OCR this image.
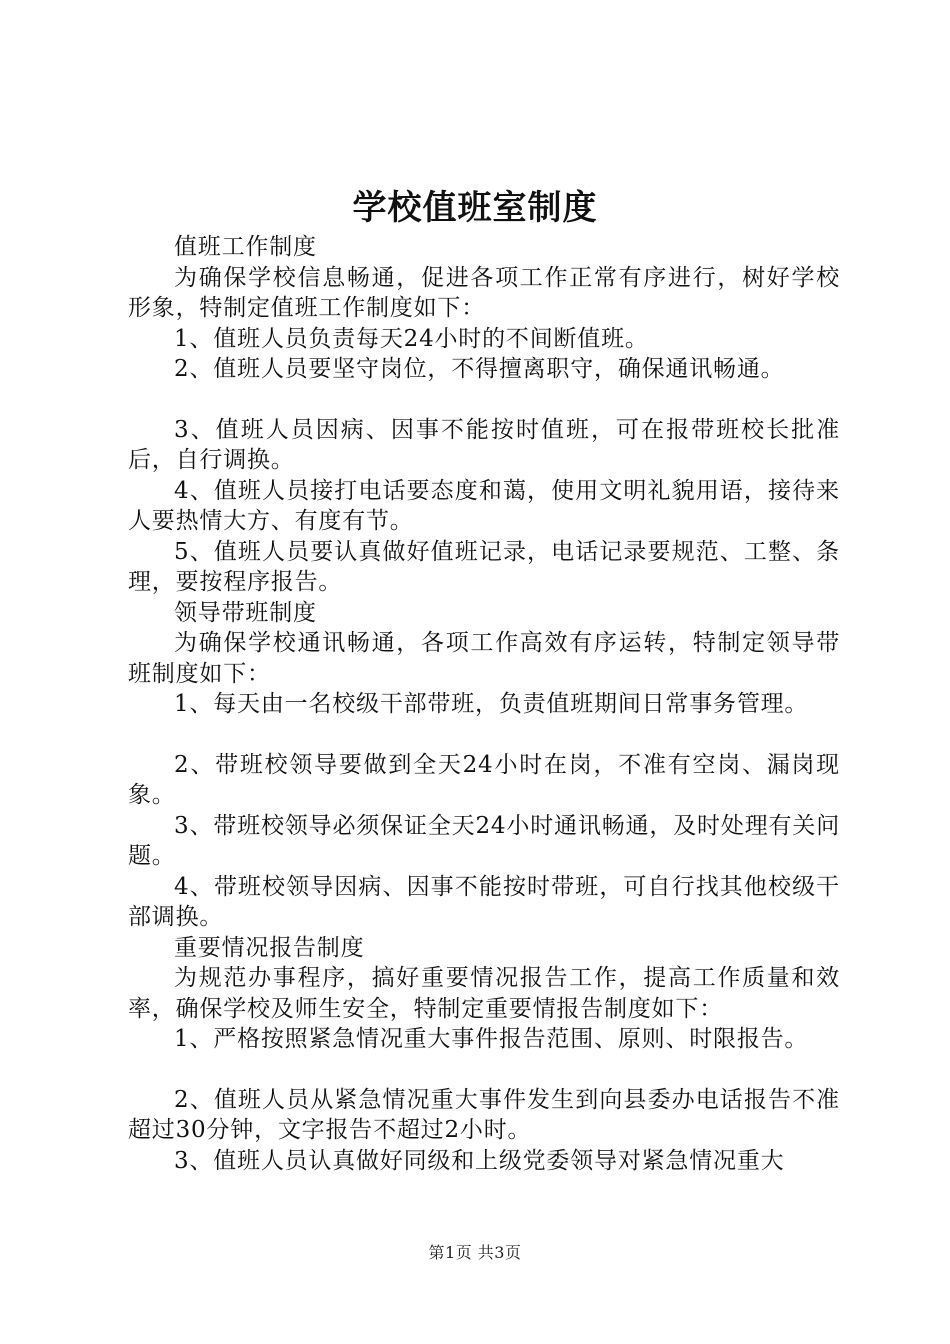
学校值班室制度

值班工作制度

为确保学校信息畅通，促进各项工作正常有序进行，树好学校形象，特制定值班工作制度如下：

1、值班人员负责每天24小时的不间断值班。

2、值班人员要坚守岗位，不得擅离职守，确保通讯畅通。

3、值班人员因病、因事不能按时值班，可在报带班校长批准后，自行调换。

4、值班人员接打电话要态度和蔼，使用文明礼貌用语，接待来人要热情大方、有度有节。

5、值班人员要认真做好值班记录，电话记录要规范、工整、条理，要按程序报告。

领导带班制度

为确保学校通讯畅通，各项工作高效有序运转，特制定领导带班制度如下：

1、每天由一名校级干部带班，负责值班期间日常事务管理。

2、带班校领导要做到全天24小时在岗，不准有空岗、漏岗现象。

3、带班校领导必须保证全天24小时通讯畅通，及时处理有关问题。

4、带班校领导因病、因事不能按时带班，可自行找其他校级干部调换。

重要情况报告制度

为规范办事程序，搞好重要情况报告工作，提高工作质量和效率，确保学校及师生安全，特制定重要情报告制度如下：

1、严格按照紧急情况重大事件报告范围、原则、时限报告。

2、值班人员从紧急情况重大事件发生到向县委办电话报告不准超过30分钟，文字报告不超过2小时。

3、值班人员认真做好同级和上级党委领导对紧急情况重大

第1页 共3页
